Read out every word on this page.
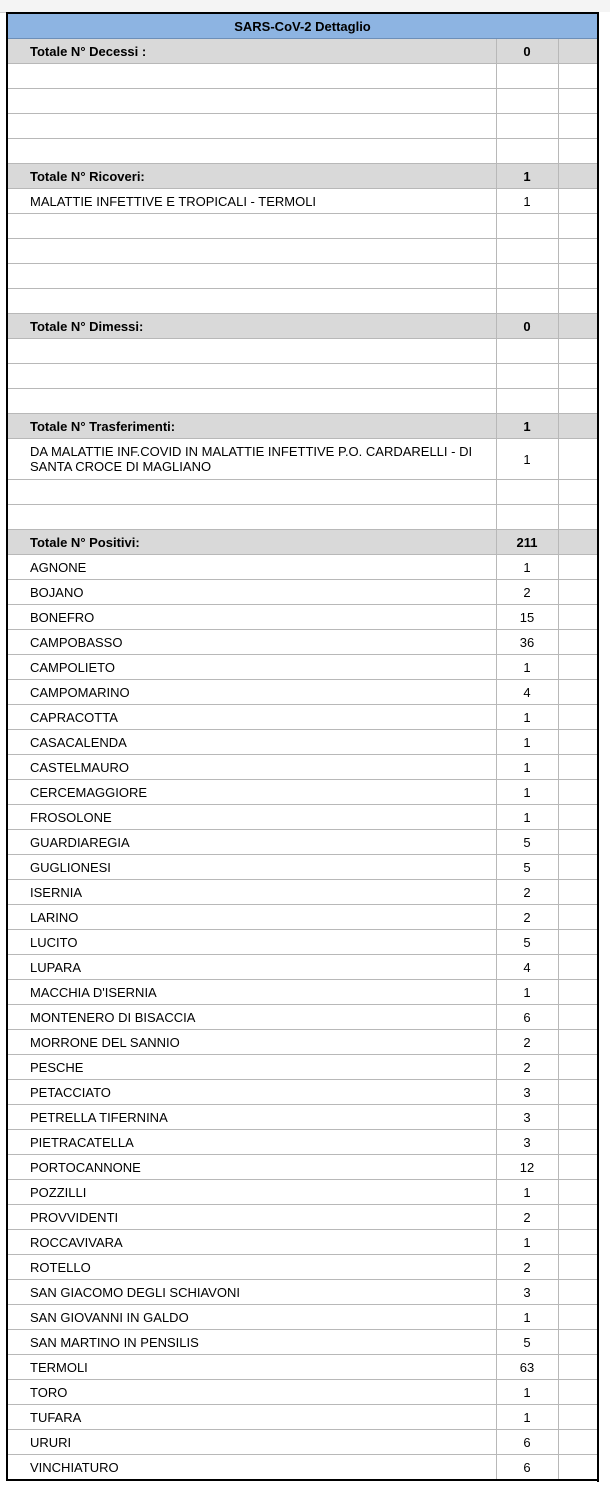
SARS-CoV-2 Dettaglio		
Totale N° Decessi :	0	

Totale N° Ricoveri:	1	
MALATTIE INFETTIVE E TROPICALI - TERMOLI	1	

Totale N° Dimessi:	0	

Totale N° Trasferimenti:	1	
DA MALATTIE INF.COVID IN MALATTIE INFETTIVE P.O. CARDARELLI - DI SANTA CROCE DI MAGLIANO	1	

Totale N° Positivi:	211	
AGNONE	1	
BOJANO	2	
BONEFRO	15	
CAMPOBASSO	36	
CAMPOLIETO	1	
CAMPOMARINO	4	
CAPRACOTTA	1	
CASACALENDA	1	
CASTELMAURO	1	
CERCEMAGGIORE	1	
FROSOLONE	1	
GUARDIAREGIA	5	
GUGLIONESI	5	
ISERNIA	2	
LARINO	2	
LUCITO	5	
LUPARA	4	
MACCHIA D'ISERNIA	1	
MONTENERO DI BISACCIA	6	
MORRONE DEL SANNIO	2	
PESCHE	2	
PETACCIATO	3	
PETRELLA TIFERNINA	3	
PIETRACATELLA	3	
PORTOCANNONE	12	
POZZILLI	1	
PROVVIDENTI	2	
ROCCAVIVARA	1	
ROTELLO	2	
SAN GIACOMO DEGLI SCHIAVONI	3	
SAN GIOVANNI IN GALDO	1	
SAN MARTINO IN PENSILIS	5	
TERMOLI	63	
TORO	1	
TUFARA	1	
URURI	6	
VINCHIATURO	6	
